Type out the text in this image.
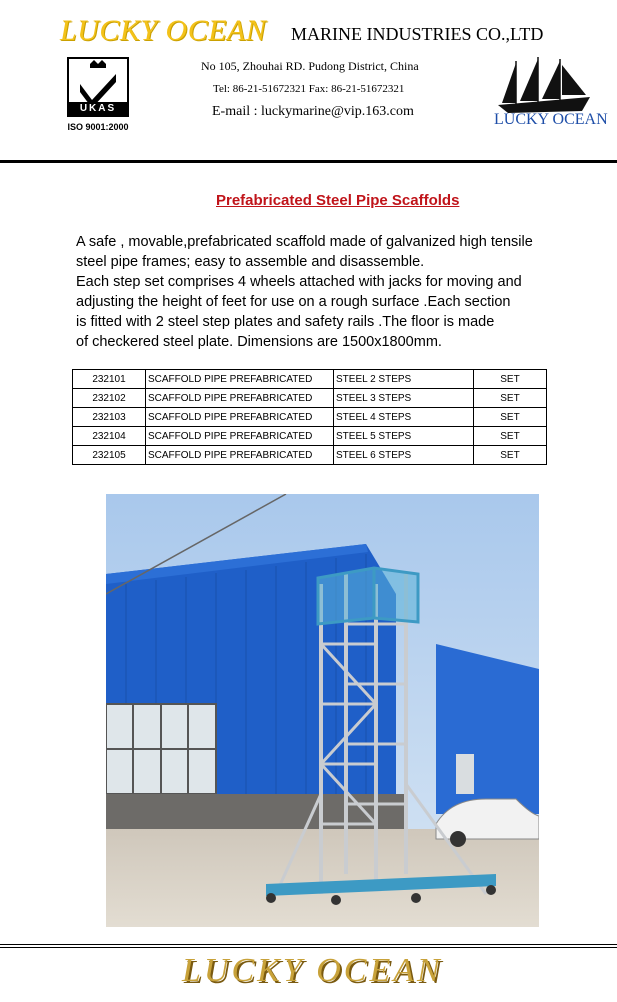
LUCKY OCEAN MARINE INDUSTRIES CO.,LTD
UKAS
ISO 9001:2000
No 105, Zhouhai RD. Pudong District, China
Tel: 86-21-51672321 Fax: 86-21-51672321
E-mail : luckymarine@vip.163.com	LUCKY OCEAN
Prefabricated Steel Pipe Scaffolds
A safe , movable,prefabricated scaffold made of galvanized high tensile
steel pipe frames; easy to assemble and disassemble.
Each step set comprises 4 wheels attached with jacks for moving and
adjusting the height of feet for use on a rough surface .Each section
is fitted with 2 steel step plates and safety rails .The floor is made
of checkered steel plate. Dimensions are 1500x1800mm.
232101	SCAFFOLD PIPE PREFABRICATED	STEEL 2 STEPS	SET
232102	SCAFFOLD PIPE PREFABRICATED	STEEL 3 STEPS	SET
232103	SCAFFOLD PIPE PREFABRICATED	STEEL 4 STEPS	SET
232104	SCAFFOLD PIPE PREFABRICATED	STEEL 5 STEPS	SET
232105	SCAFFOLD PIPE PREFABRICATED	STEEL 6 STEPS	SET
LUCKY OCEAN
